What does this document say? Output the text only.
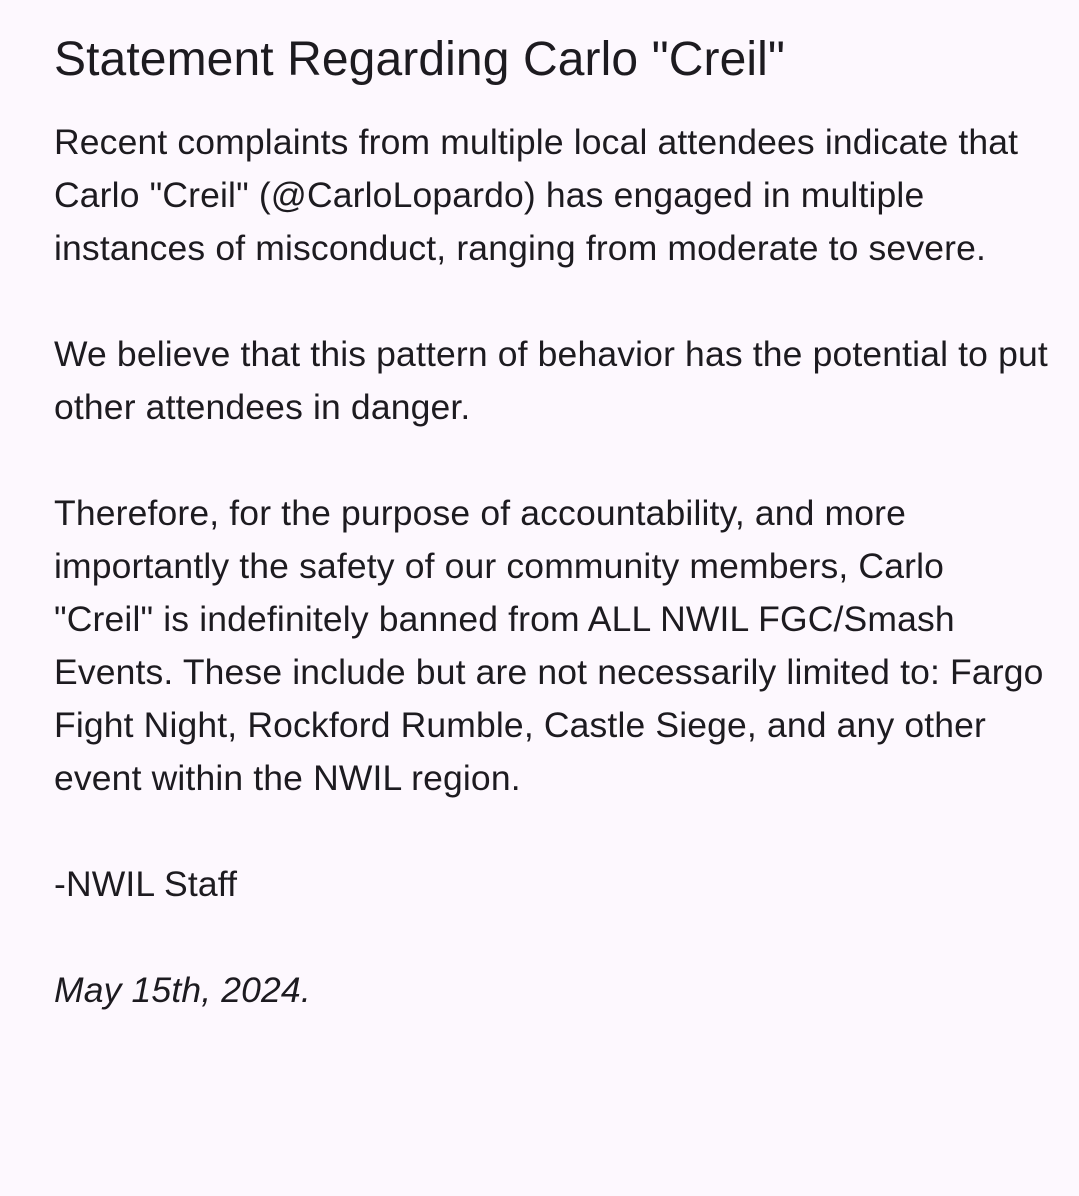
Statement Regarding Carlo "Creil"

Recent complaints from multiple local attendees indicate that Carlo "Creil" (@CarloLopardo) has engaged in multiple instances of misconduct, ranging from moderate to severe.

We believe that this pattern of behavior has the potential to put other attendees in danger.

Therefore, for the purpose of accountability, and more importantly the safety of our community members, Carlo "Creil" is indefinitely banned from ALL NWIL FGC/Smash Events. These include but are not necessarily limited to: Fargo Fight Night, Rockford Rumble, Castle Siege, and any other event within the NWIL region.

-NWIL Staff

May 15th, 2024.
